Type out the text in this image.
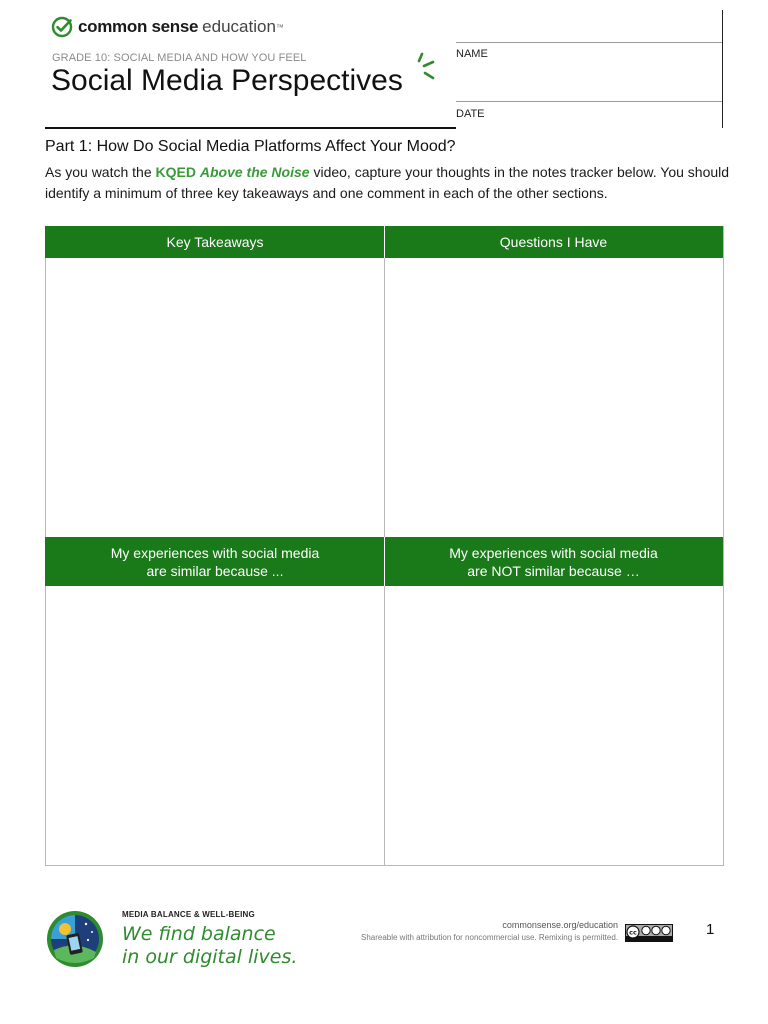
common sense education ™
GRADE 10: SOCIAL MEDIA AND HOW YOU FEEL
Social Media Perspectives
NAME
DATE
Part 1: How Do Social Media Platforms Affect Your Mood?
As you watch the KQED Above the Noise video, capture your thoughts in the notes tracker below. You should identify a minimum of three key takeaways and one comment in each of the other sections.
Key Takeaways	Questions I Have
My experiences with social media
are similar because ...
My experiences with social media
are NOT similar because …
MEDIA BALANCE & WELL-BEING
We find balance
in our digital lives.
commonsense.org/education
Shareable with attribution for noncommercial use. Remixing is permitted.
cc	1
